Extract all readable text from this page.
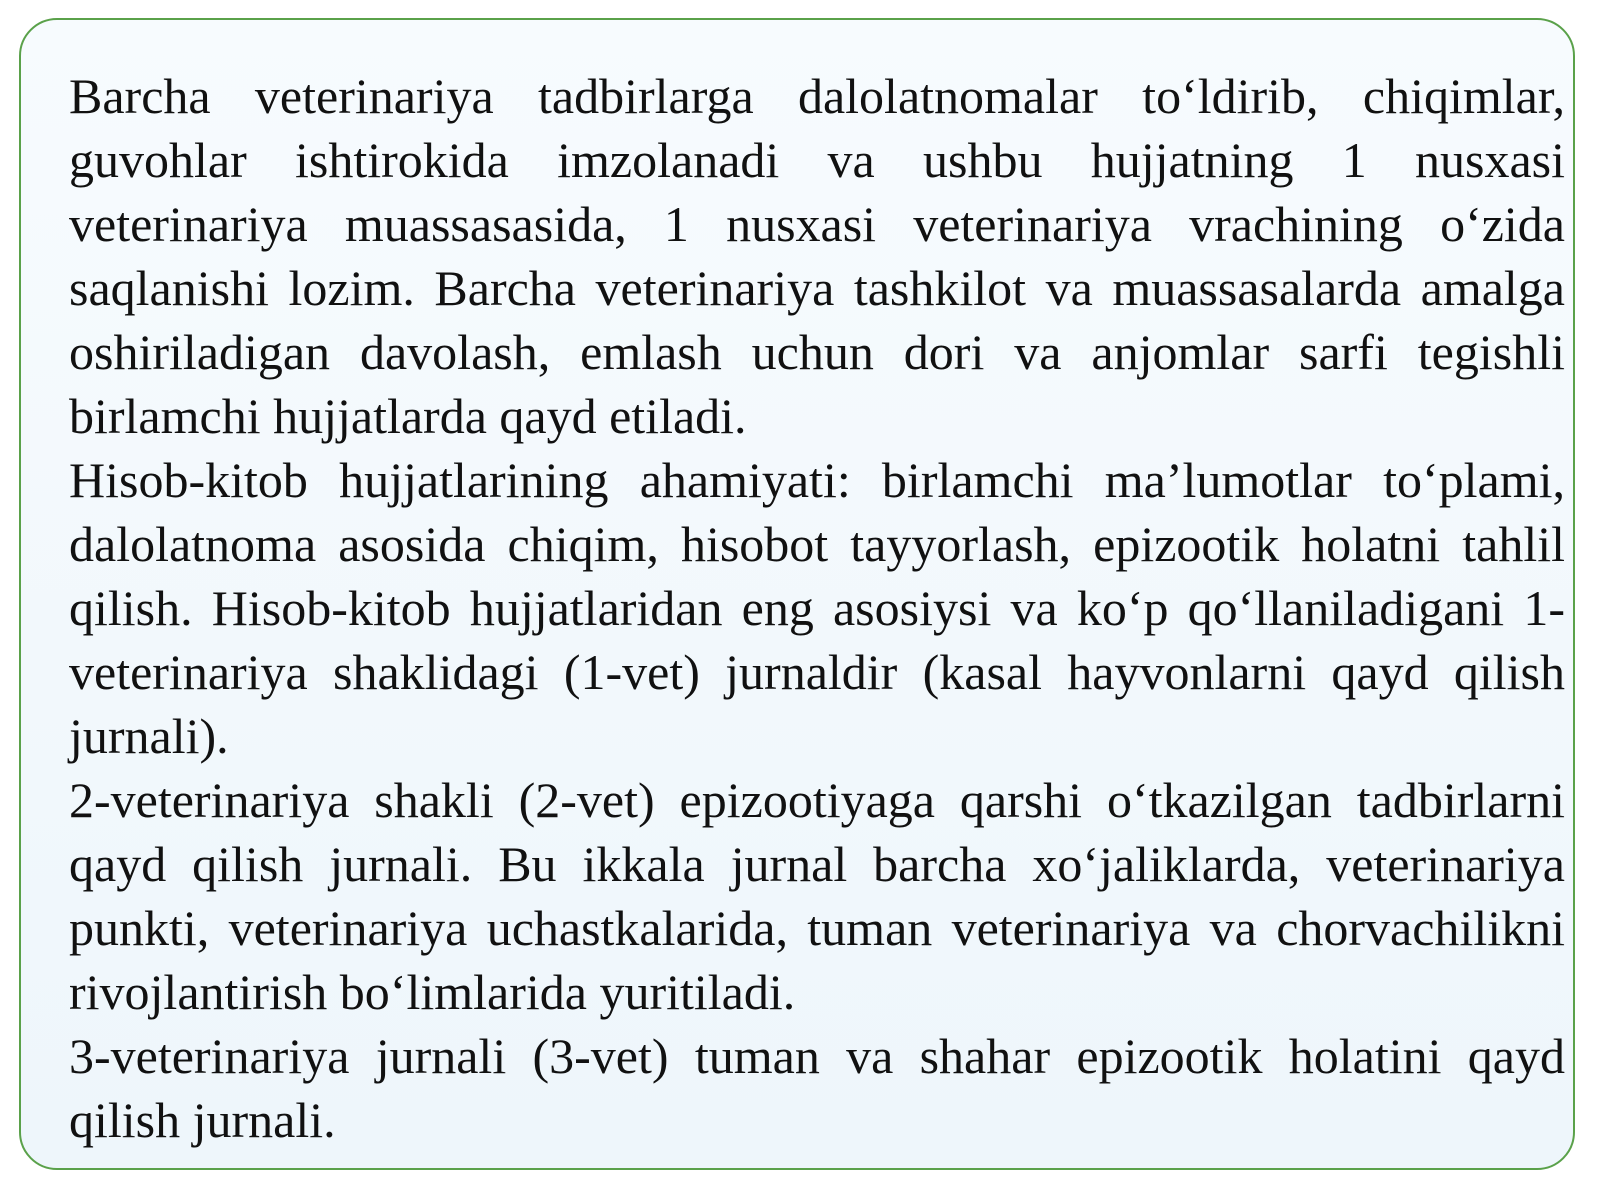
Barcha veterinariya tadbirlarga dalolatnomalar to‘ldirib, chiqimlar, guvohlar ishtirokida imzolanadi va ushbu hujjatning 1 nusxasi veterinariya muassasasida, 1 nusxasi veterinariya vrachining o‘zida saqlanishi lozim. Barcha veterinariya tashkilot va muassasalarda amalga oshiriladigan davolash, emlash uchun dori va anjomlar sarfi tegishli birlamchi hujjatlarda qayd etiladi.

Hisob-kitob hujjatlarining ahamiyati: birlamchi ma’lumotlar to‘plami, dalolatnoma asosida chiqim, hisobot tayyorlash, epizootik holatni tahlil qilish. Hisob-kitob hujjatlaridan eng asosiysi va ko‘p qo‘llaniladigani 1-veterinariya shaklidagi (1-vet) jurnaldir (kasal hayvonlarni qayd qilish jurnali).

2-veterinariya shakli (2-vet) epizootiyaga qarshi o‘tkazilgan tadbirlarni qayd qilish jurnali. Bu ikkala jurnal barcha xo‘jaliklarda, veterinariya punkti, veterinariya uchastkalarida, tuman veterinariya va chorvachilikni rivojlantirish bo‘limlarida yuritiladi.

3-veterinariya jurnali (3-vet) tuman va shahar epizootik holatini qayd qilish jurnali.
